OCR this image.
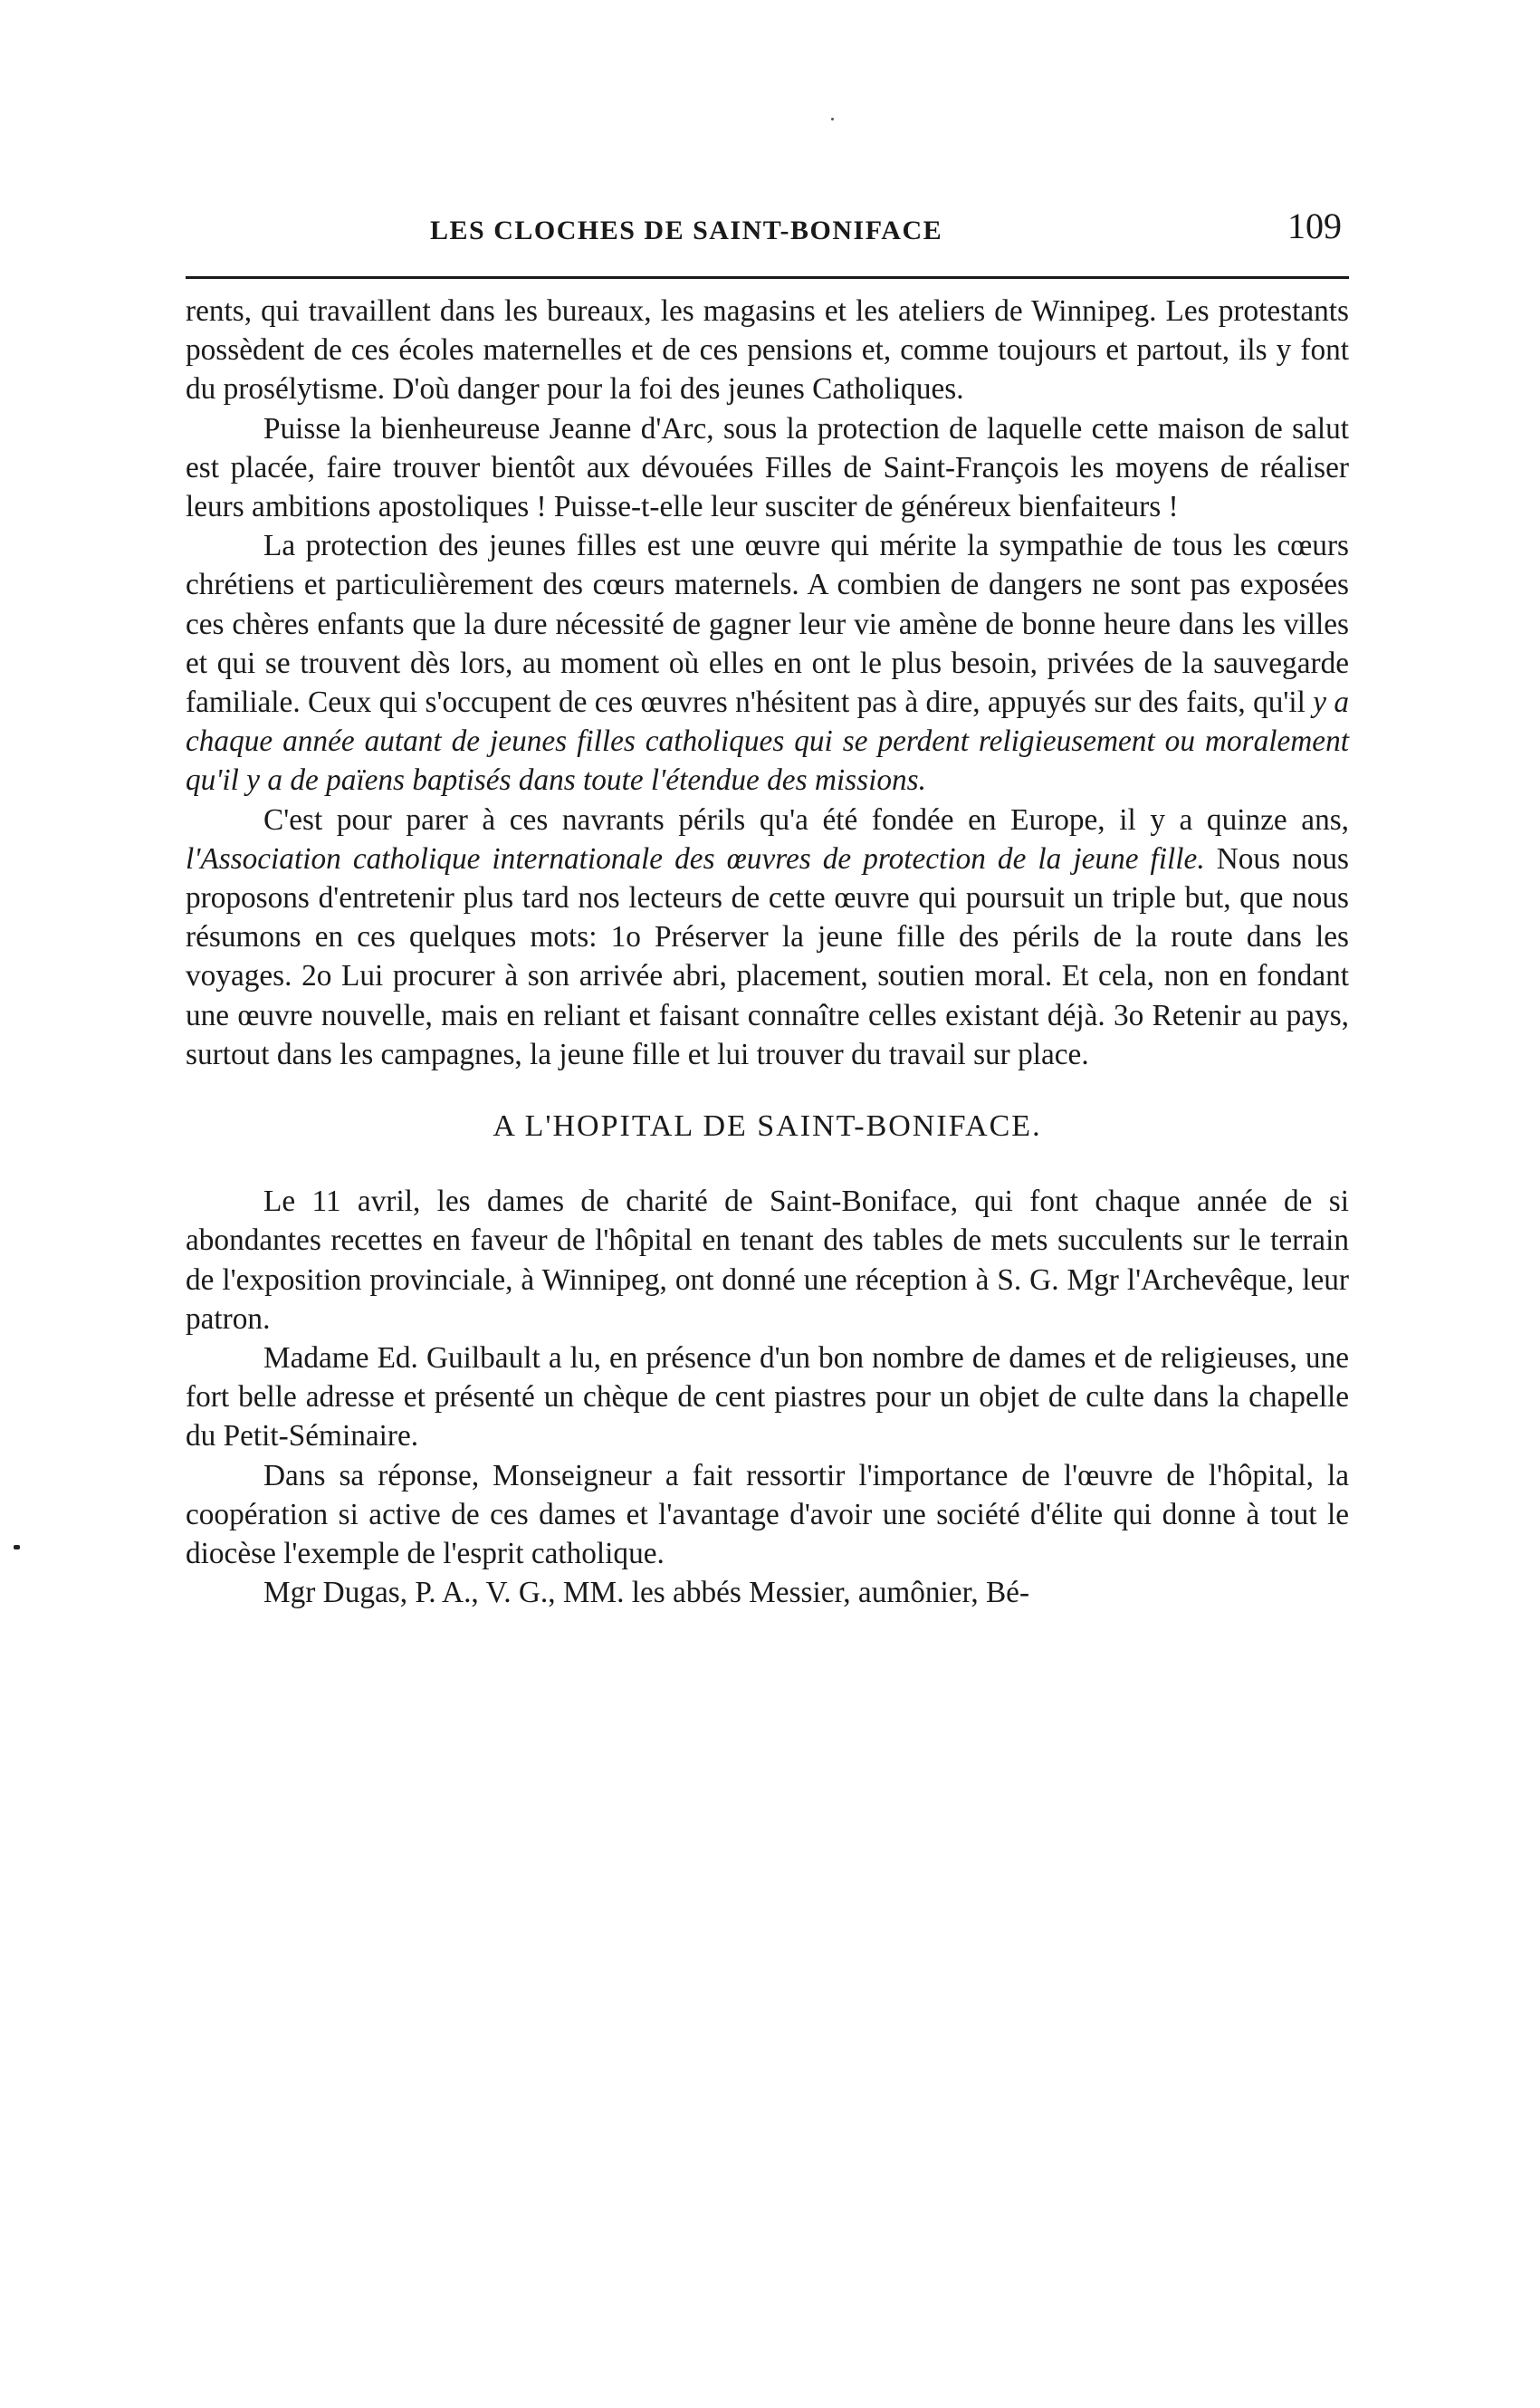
LES CLOCHES DE SAINT-BONIFACE	109

rents, qui travaillent dans les bureaux, les magasins et les ateliers de Winnipeg. Les protestants possèdent de ces écoles maternelles et de ces pensions et, comme toujours et partout, ils y font du prosélytisme. D'où danger pour la foi des jeunes Catholiques.

Puisse la bienheureuse Jeanne d'Arc, sous la protection de laquelle cette maison de salut est placée, faire trouver bientôt aux dévouées Filles de Saint-François les moyens de réaliser leurs ambitions apostoliques ! Puisse-t-elle leur susciter de généreux bienfaiteurs !

La protection des jeunes filles est une œuvre qui mérite la sympathie de tous les cœurs chrétiens et particulièrement des cœurs maternels. A combien de dangers ne sont pas exposées ces chères enfants que la dure nécessité de gagner leur vie amène de bonne heure dans les villes et qui se trouvent dès lors, au moment où elles en ont le plus besoin, privées de la sauvegarde familiale. Ceux qui s'occupent de ces œuvres n'hésitent pas à dire, appuyés sur des faits, qu'il y a chaque année autant de jeunes filles catholiques qui se perdent religieusement ou moralement qu'il y a de païens baptisés dans toute l'étendue des missions.

C'est pour parer à ces navrants périls qu'a été fondée en Europe, il y a quinze ans, l'Association catholique internationale des œuvres de protection de la jeune fille. Nous nous proposons d'entretenir plus tard nos lecteurs de cette œuvre qui poursuit un triple but, que nous résumons en ces quelques mots: 1o Préserver la jeune fille des périls de la route dans les voyages. 2o Lui procurer à son arrivée abri, placement, soutien moral. Et cela, non en fondant une œuvre nouvelle, mais en reliant et faisant connaître celles existant déjà. 3o Retenir au pays, surtout dans les campagnes, la jeune fille et lui trouver du travail sur place.

A L'HOPITAL DE SAINT-BONIFACE.

Le 11 avril, les dames de charité de Saint-Boniface, qui font chaque année de si abondantes recettes en faveur de l'hôpital en tenant des tables de mets succulents sur le terrain de l'exposition provinciale, à Winnipeg, ont donné une réception à S. G. Mgr l'Archevêque, leur patron.

Madame Ed. Guilbault a lu, en présence d'un bon nombre de dames et de religieuses, une fort belle adresse et présenté un chèque de cent piastres pour un objet de culte dans la chapelle du Petit-Séminaire.

Dans sa réponse, Monseigneur a fait ressortir l'importance de l'œuvre de l'hôpital, la coopération si active de ces dames et l'avantage d'avoir une société d'élite qui donne à tout le diocèse l'exemple de l'esprit catholique.

Mgr Dugas, P. A., V. G., MM. les abbés Messier, aumônier, Bé-
